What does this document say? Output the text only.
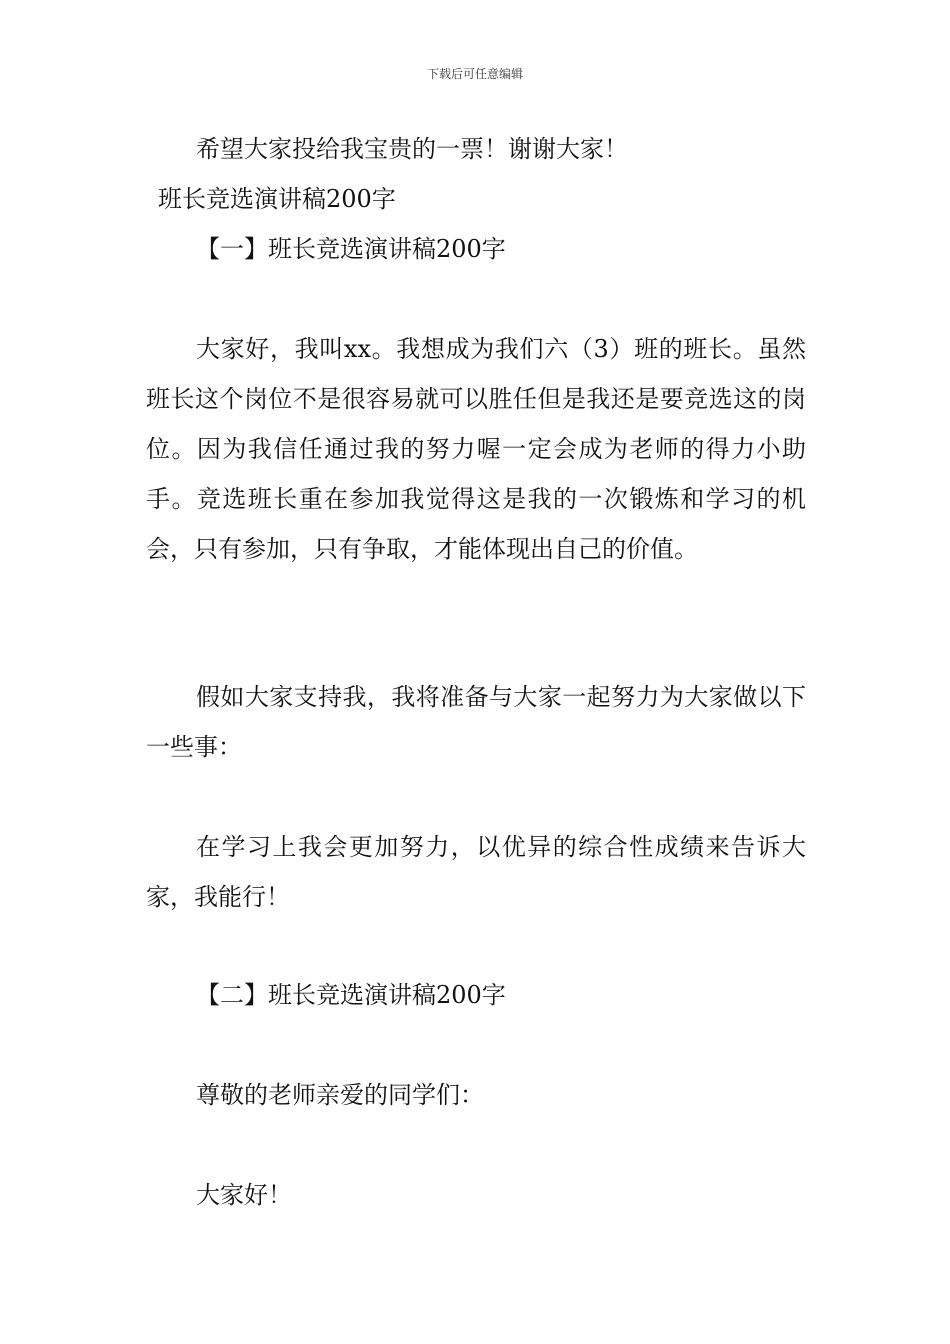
下载后可任意编辑
希望大家投给我宝贵的一票！谢谢大家！
班长竞选演讲稿200字
【一】班长竞选演讲稿200字
大家好，我叫xx。我想成为我们六（3）班的班长。虽然班长这个岗位不是很容易就可以胜任但是我还是要竞选这的岗位。因为我信任通过我的努力喔一定会成为老师的得力小助手。竞选班长重在参加我觉得这是我的一次锻炼和学习的机会，只有参加，只有争取，才能体现出自己的价值。
假如大家支持我，我将准备与大家一起努力为大家做以下一些事：
在学习上我会更加努力，以优异的综合性成绩来告诉大家，我能行！
【二】班长竞选演讲稿200字
尊敬的老师亲爱的同学们：
大家好！
